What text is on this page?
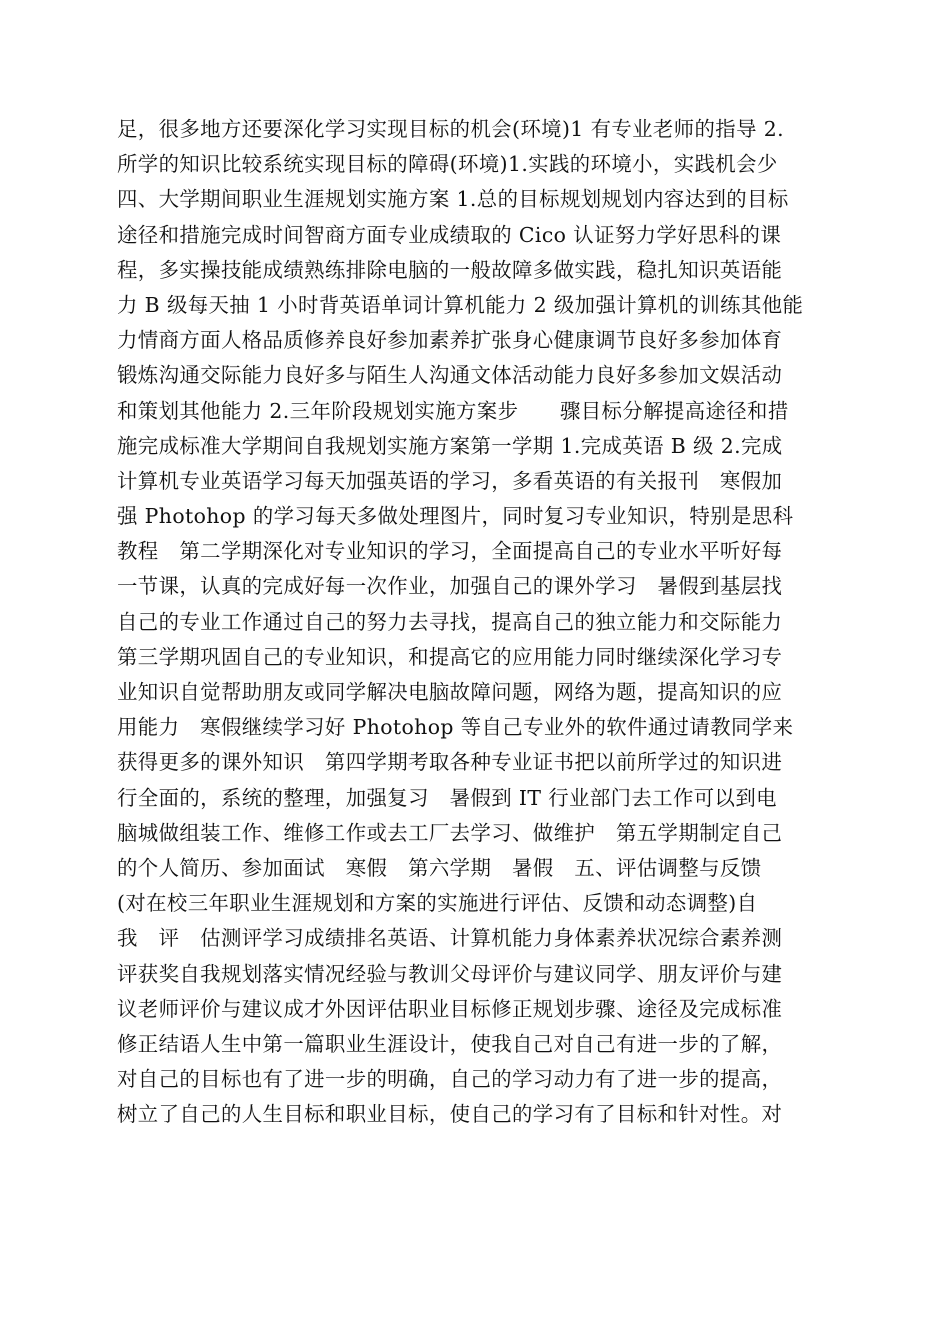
足，很多地方还要深化学习实现目标的机会(环境)1 有专业老师的指导 2.
所学的知识比较系统实现目标的障碍(环境)1.实践的环境小，实践机会少
四、大学期间职业生涯规划实施方案 1.总的目标规划规划内容达到的目标
途径和措施完成时间智商方面专业成绩取的 Cico 认证努力学好思科的课
程，多实操技能成绩熟练排除电脑的一般故障多做实践，稳扎知识英语能
力 B 级每天抽 1 小时背英语单词计算机能力 2 级加强计算机的训练其他能
力情商方面人格品质修养良好参加素养扩张身心健康调节良好多参加体育
锻炼沟通交际能力良好多与陌生人沟通文体活动能力良好多参加文娱活动
和策划其他能力 2.三年阶段规划实施方案步　　骤目标分解提高途径和措
施完成标准大学期间自我规划实施方案第一学期 1.完成英语 B 级 2.完成
计算机专业英语学习每天加强英语的学习，多看英语的有关报刊　寒假加
强 Photohop 的学习每天多做处理图片，同时复习专业知识，特别是思科
教程　第二学期深化对专业知识的学习，全面提高自己的专业水平听好每
一节课，认真的完成好每一次作业，加强自己的课外学习　暑假到基层找
自己的专业工作通过自己的努力去寻找，提高自己的独立能力和交际能力
第三学期巩固自己的专业知识，和提高它的应用能力同时继续深化学习专
业知识自觉帮助朋友或同学解决电脑故障问题，网络为题，提高知识的应
用能力　寒假继续学习好 Photohop 等自己专业外的软件通过请教同学来
获得更多的课外知识　第四学期考取各种专业证书把以前所学过的知识进
行全面的，系统的整理，加强复习　暑假到 IT 行业部门去工作可以到电
脑城做组装工作、维修工作或去工厂去学习、做维护　第五学期制定自己
的个人简历、参加面试　寒假　第六学期　暑假　五、评估调整与反馈
(对在校三年职业生涯规划和方案的实施进行评估、反馈和动态调整)自
我　评　估测评学习成绩排名英语、计算机能力身体素养状况综合素养测
评获奖自我规划落实情况经验与教训父母评价与建议同学、朋友评价与建
议老师评价与建议成才外因评估职业目标修正规划步骤、途径及完成标准
修正结语人生中第一篇职业生涯设计，使我自己对自己有进一步的了解，
对自己的目标也有了进一步的明确，自己的学习动力有了进一步的提高，
树立了自己的人生目标和职业目标，使自己的学习有了目标和针对性。对
